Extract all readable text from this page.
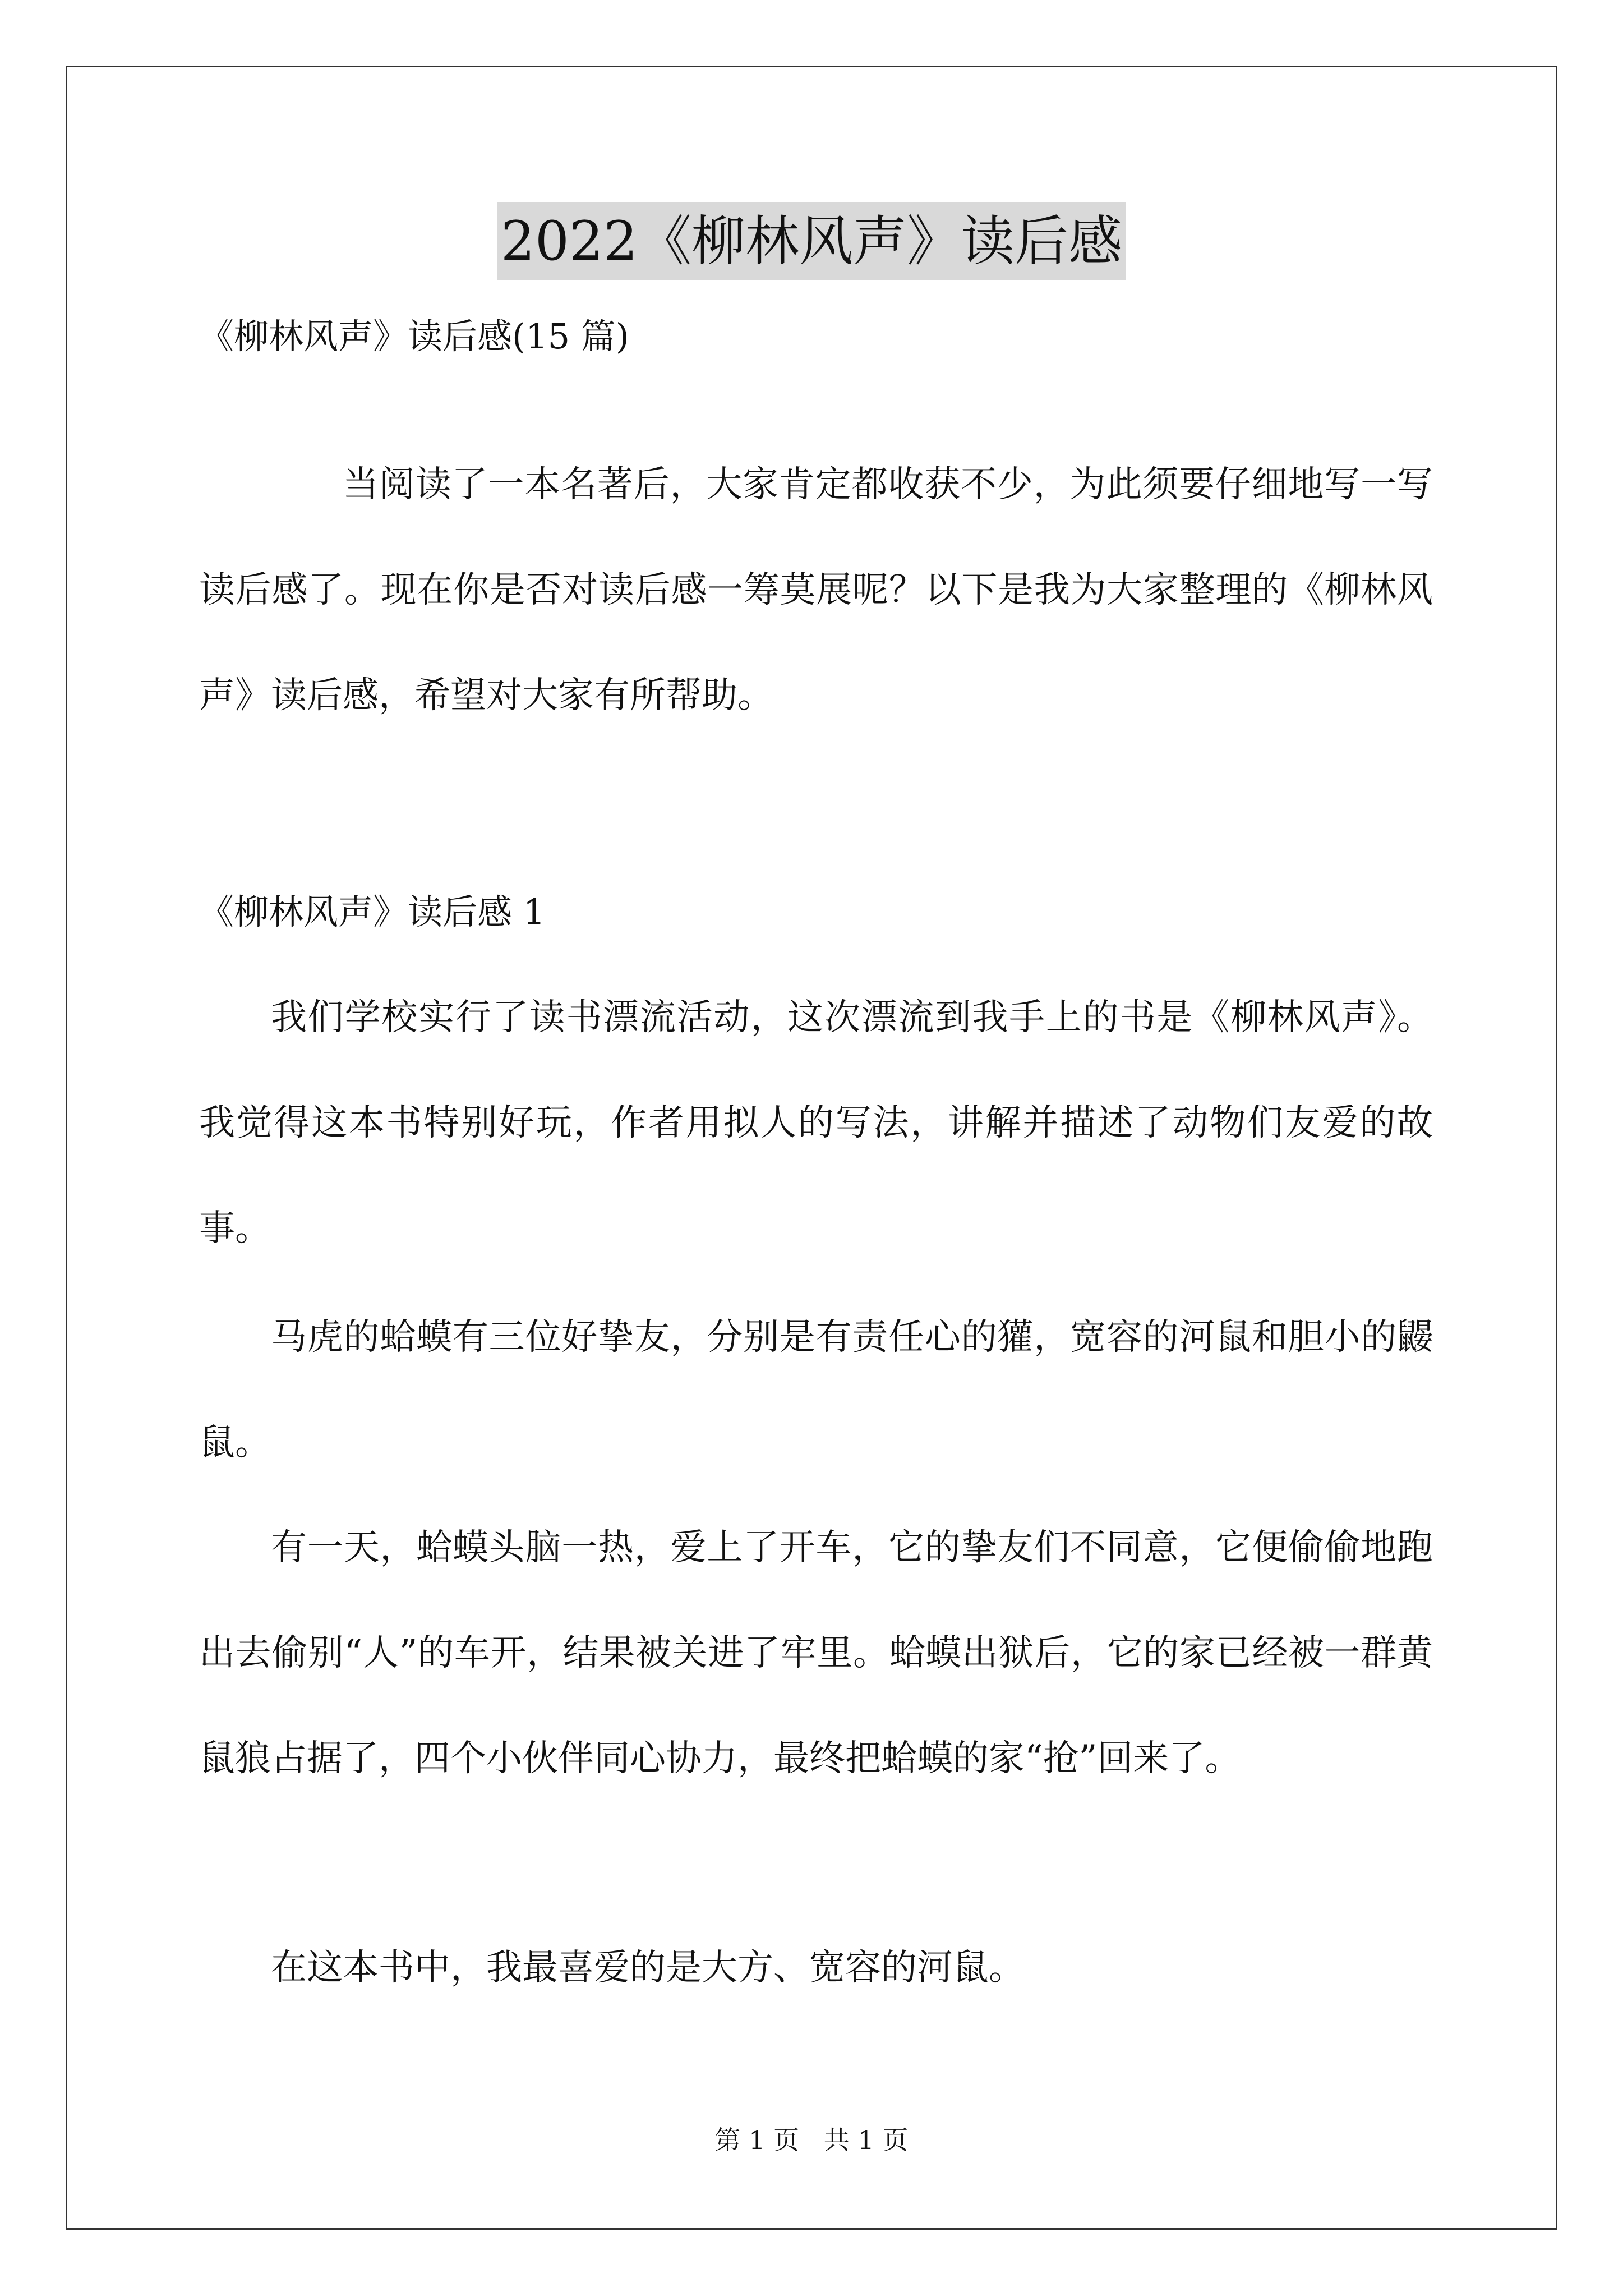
2022《柳林风声》读后感
《柳林风声》读后感(15 篇)

当阅读了一本名著后，大家肯定都收获不少，为此须要仔细地写一写读后感了。现在你是否对读后感一筹莫展呢？以下是我为大家整理的《柳林风声》读后感，希望对大家有所帮助。

《柳林风声》读后感 1

我们学校实行了读书漂流活动，这次漂流到我手上的书是《柳林风声》。我觉得这本书特别好玩，作者用拟人的写法，讲解并描述了动物们友爱的故事。

马虎的蛤蟆有三位好挚友，分别是有责任心的獾，宽容的河鼠和胆小的鼹鼠。

有一天，蛤蟆头脑一热，爱上了开车，它的挚友们不同意，它便偷偷地跑出去偷别“人”的车开，结果被关进了牢里。蛤蟆出狱后，它的家已经被一群黄鼠狼占据了，四个小伙伴同心协力，最终把蛤蟆的家“抢”回来了。

在这本书中，我最喜爱的是大方、宽容的河鼠。

第 1 页   共 1 页
